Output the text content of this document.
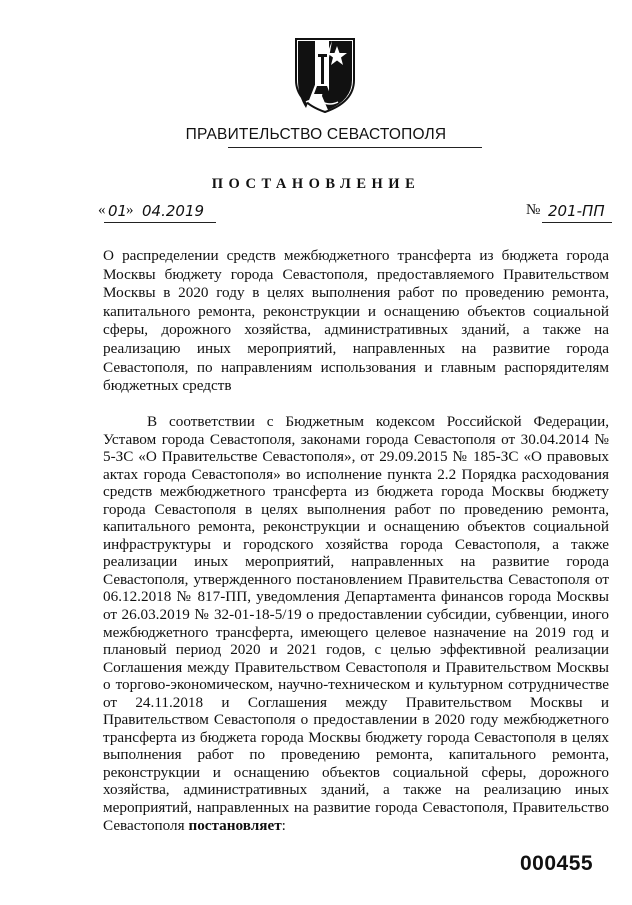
ПРАВИТЕЛЬСТВО СЕВАСТОПОЛЯ
ПОСТАНОВЛЕНИЕ
« 01
» 04.2019	№ 201-ПП
О распределении средств межбюджетного трансферта из бюджета города Москвы бюджету города Севастополя, предоставляемого Правительством Москвы в 2020 году в целях выполнения работ по проведению ремонта, капитального ремонта, реконструкции и оснащению объектов социальной сферы, дорожного хозяйства, административных зданий, а также на реализацию иных мероприятий, направленных на развитие города Севастополя, по направлениям использования и главным распорядителям бюджетных средств
В соответствии с Бюджетным кодексом Российской Федерации, Уставом города Севастополя, законами города Севастополя от 30.04.2014 № 5-ЗС «О Правительстве Севастополя», от 29.09.2015 № 185-ЗС «О правовых актах города Севастополя» во исполнение пункта 2.2 Порядка расходования средств межбюджетного трансферта из бюджета города Москвы бюджету города Севастополя в целях выполнения работ по проведению ремонта, капитального ремонта, реконструкции и оснащению объектов социальной инфраструктуры и городского хозяйства города Севастополя, а также реализации иных мероприятий, направленных на развитие города Севастополя, утвержденного постановлением Правительства Севастополя от 06.12.2018 № 817-ПП, уведомления Департамента финансов города Москвы от 26.03.2019 № 32-01-18-5/19 о предоставлении субсидии, субвенции, иного межбюджетного трансферта, имеющего целевое назначение на 2019 год и плановый период 2020 и 2021 годов, с целью эффективной реализации Соглашения между Правительством Севастополя и Правительством Москвы о торгово-экономическом, научно-техническом и культурном сотрудничестве от 24.11.2018 и Соглашения между Правительством Москвы и Правительством Севастополя о предоставлении в 2020 году межбюджетного трансферта из бюджета города Москвы бюджету города Севастополя в целях выполнения работ по проведению ремонта, капитального ремонта, реконструкции и оснащению объектов социальной сферы, дорожного хозяйства, административных зданий, а также на реализацию иных мероприятий, направленных на развитие города Севастополя, Правительство Севастополя постановляет:
000455
